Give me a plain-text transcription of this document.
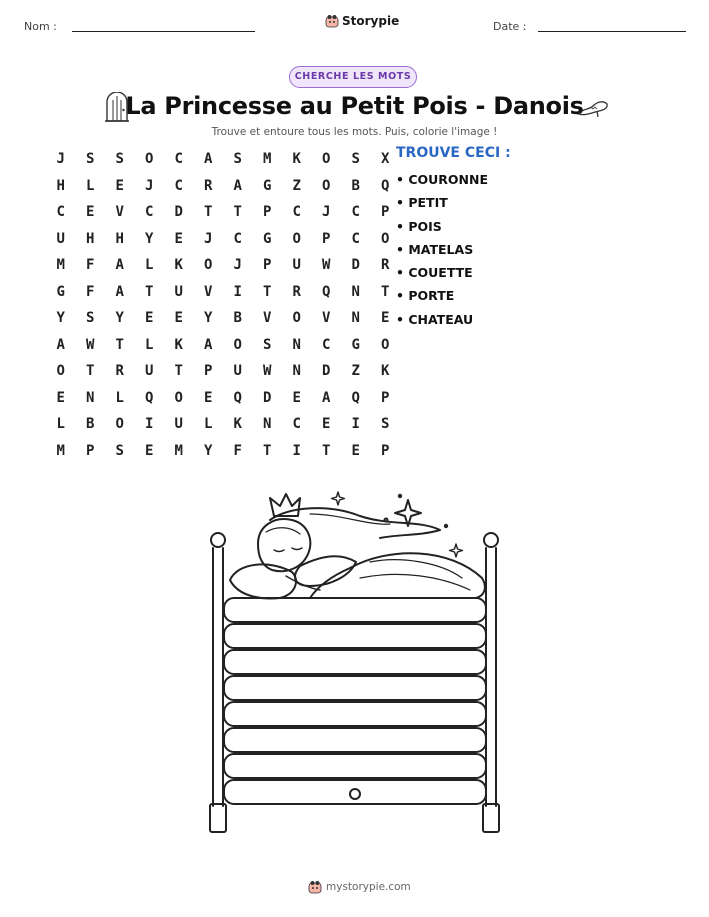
Nom :	Storypie	Date :
CHERCHE LES MOTS
La Princesse au Petit Pois - Danois
Trouve et entoure tous les mots. Puis, colorie l'image !
J	S	S	O	C	A	S	M	K	O	S	X
H	L	E	J	C	R	A	G	Z	O	B	Q
C	E	V	C	D	T	T	P	C	J	C	P
U	H	H	Y	E	J	C	G	O	P	C	O
M	F	A	L	K	O	J	P	U	W	D	R
G	F	A	T	U	V	I	T	R	Q	N	T
Y	S	Y	E	E	Y	B	V	O	V	N	E
A	W	T	L	K	A	O	S	N	C	G	O
O	T	R	U	T	P	U	W	N	D	Z	K
E	N	L	Q	O	E	Q	D	E	A	Q	P
L	B	O	I	U	L	K	N	C	E	I	S
M	P	S	E	M	Y	F	T	I	T	E	P
TROUVE CECI :
• COURONNE
• PETIT
• POIS
• MATELAS
• COUETTE
• PORTE
• CHATEAU
mystorypie.com
